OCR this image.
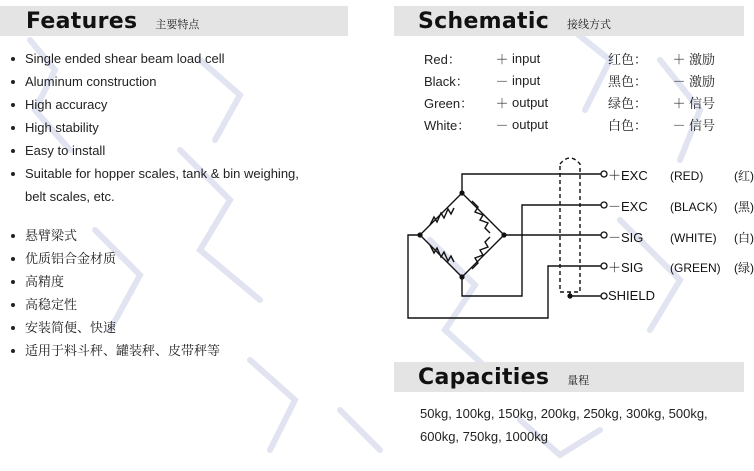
Features 主要特点
Single ended shear beam load cell
Aluminum construction
High accuracy
High stability
Easy to install
Suitable for hopper scales, tank & bin weighing,
belt scales, etc.
悬臂梁式
优质铝合金材质
高精度
高稳定性
安装简便、快速
适用于料斗秤、罐装秤、皮带秤等
Schematic 接线方式
Red：	＋	input	红色：	＋	激励
Black：	－	input	黑色：	－	激励
Green：	＋	output	绿色：	＋	信号
White：	－	output	白色：	－	信号
＋EXC	(RED)	(红)
－EXC	(BLACK)	(黑)
－SIG	(WHITE)	(白)
＋SIG	(GREEN)	(绿)
SHIELD
Capacities 量程
50kg, 100kg, 150kg, 200kg, 250kg, 300kg, 500kg,
600kg, 750kg, 1000kg
